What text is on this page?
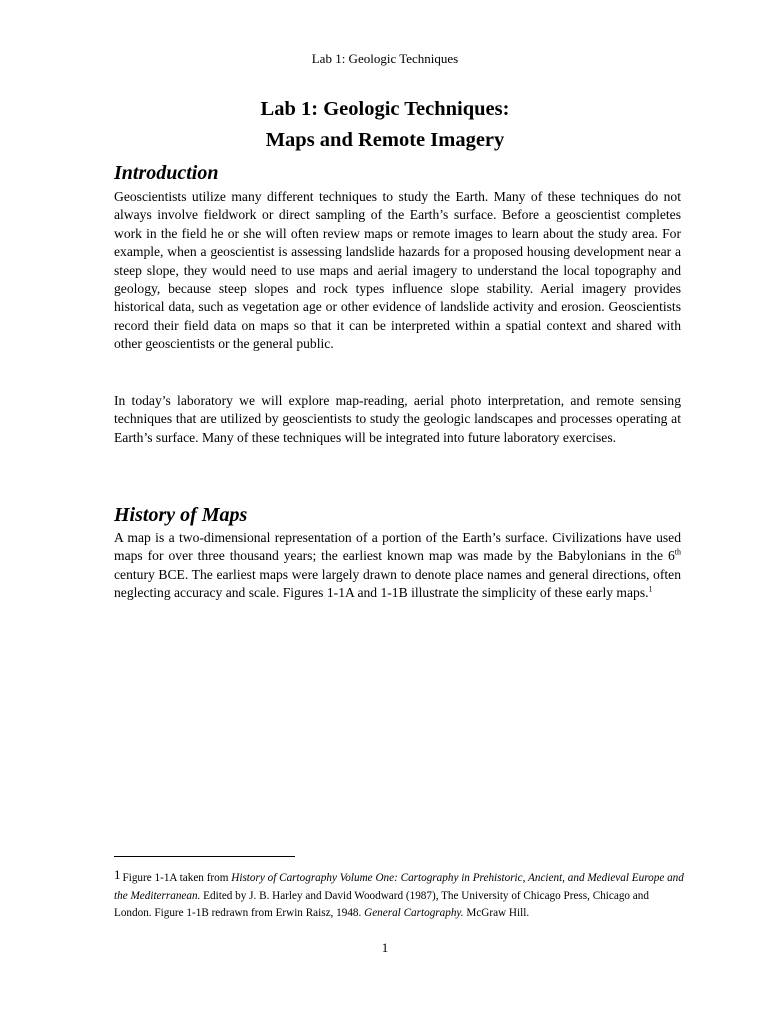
Lab 1: Geologic Techniques
Lab 1: Geologic Techniques:
Maps and Remote Imagery
Introduction

Geoscientists utilize many different techniques to study the Earth. Many of these techniques do not always involve fieldwork or direct sampling of the Earth’s surface. Before a geoscientist completes work in the field he or she will often review maps or remote images to learn about the study area. For example, when a geoscientist is assessing landslide hazards for a proposed housing development near a steep slope, they would need to use maps and aerial imagery to understand the local topography and geology, because steep slopes and rock types influence slope stability. Aerial imagery provides historical data, such as vegetation age or other evidence of landslide activity and erosion. Geoscientists record their field data on maps so that it can be interpreted within a spatial context and shared with other geoscientists or the general public.

In today’s laboratory we will explore map-reading, aerial photo interpretation, and remote sensing techniques that are utilized by geoscientists to study the geologic landscapes and processes operating at Earth’s surface. Many of these techniques will be integrated into future laboratory exercises.

History of Maps

A map is a two-dimensional representation of a portion of the Earth’s surface. Civilizations have used maps for over three thousand years; the earliest known map was made by the Babylonians in the 6th century BCE. The earliest maps were largely drawn to denote place names and general directions, often neglecting accuracy and scale. Figures 1-1A and 1-1B illustrate the simplicity of these early maps.$^1$

1 Figure 1-1A taken from History of Cartography Volume One: Cartography in Prehistoric, Ancient, and Medieval Europe and the Mediterranean. Edited by J. B. Harley and David Woodward (1987), The University of Chicago Press, Chicago and London. Figure 1-1B redrawn from Erwin Raisz, 1948. General Cartography. McGraw Hill.

1
